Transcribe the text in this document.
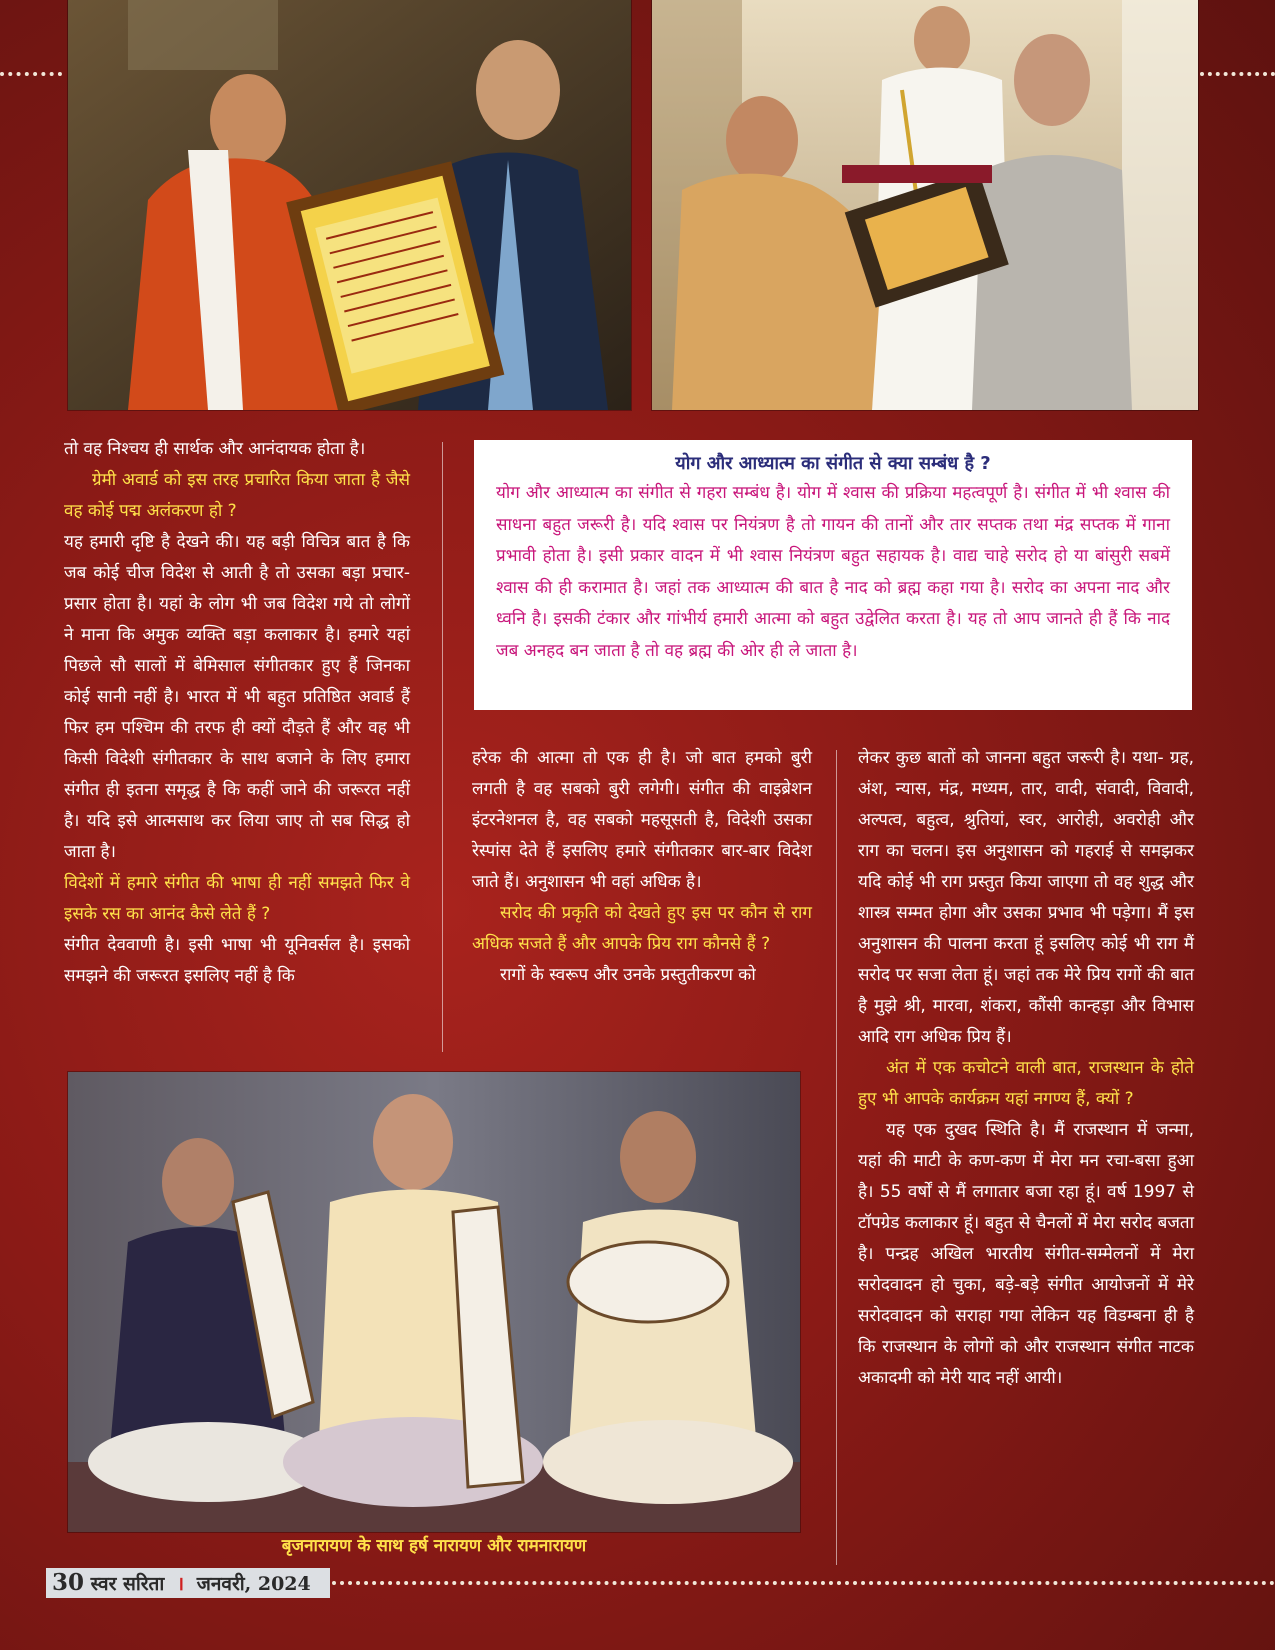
तो वह निश्चय ही सार्थक और आनंदायक होता है।

ग्रेमी अवार्ड को इस तरह प्रचारित किया जाता है जैसे वह कोई पद्म अलंकरण हो ?

यह हमारी दृष्टि है देखने की। यह बड़ी विचित्र बात है कि जब कोई चीज विदेश से आती है तो उसका बड़ा प्रचार-प्रसार होता है। यहां के लोग भी जब विदेश गये तो लोगों ने माना कि अमुक व्यक्ति बड़ा कलाकार है। हमारे यहां पिछले सौ सालों में बेमिसाल संगीतकार हुए हैं जिनका कोई सानी नहीं है। भारत में भी बहुत प्रतिष्ठित अवार्ड हैं फिर हम पश्चिम की तरफ ही क्यों दौड़ते हैं और वह भी किसी विदेशी संगीतकार के साथ बजाने के लिए हमारा संगीत ही इतना समृद्ध है कि कहीं जाने की जरूरत नहीं है। यदि इसे आत्मसाथ कर लिया जाए तो सब सिद्ध हो जाता है।

विदेशों में हमारे संगीत की भाषा ही नहीं समझते फिर वे इसके रस का आनंद कैसे लेते हैं ?

संगीत देववाणी है। इसी भाषा भी यूनिवर्सल है। इसको समझने की जरूरत इसलिए नहीं है कि

योग और आध्यात्म का संगीत से क्या सम्बंध है ?

योग और आध्यात्म का संगीत से गहरा सम्बंध है। योग में श्वास की प्रक्रिया महत्वपूर्ण है। संगीत में भी श्वास की साधना बहुत जरूरी है। यदि श्वास पर नियंत्रण है तो गायन की तानों और तार सप्तक तथा मंद्र सप्तक में गाना प्रभावी होता है। इसी प्रकार वादन में भी श्वास नियंत्रण बहुत सहायक है। वाद्य चाहे सरोद हो या बांसुरी सबमें श्वास की ही करामात है। जहां तक आध्यात्म की बात है नाद को ब्रह्म कहा गया है। सरोद का अपना नाद और ध्वनि है। इसकी टंकार और गांभीर्य हमारी आत्मा को बहुत उद्वेलित करता है। यह तो आप जानते ही हैं कि नाद जब अनहद बन जाता है तो वह ब्रह्म की ओर ही ले जाता है।

हरेक की आत्मा तो एक ही है। जो बात हमको बुरी लगती है वह सबको बुरी लगेगी। संगीत की वाइब्रेशन इंटरनेशनल है, वह सबको महसूसती है, विदेशी उसका रेस्पांस देते हैं इसलिए हमारे संगीतकार बार-बार विदेश जाते हैं। अनुशासन भी वहां अधिक है।

सरोद की प्रकृति को देखते हुए इस पर कौन से राग अधिक सजते हैं और आपके प्रिय राग कौनसे हैं ?

रागों के स्वरूप और उनके प्रस्तुतीकरण को

लेकर कुछ बातों को जानना बहुत जरूरी है। यथा- ग्रह, अंश, न्यास, मंद्र, मध्यम, तार, वादी, संवादी, विवादी, अल्पत्व, बहुत्व, श्रुतियां, स्वर, आरोही, अवरोही और राग का चलन। इस अनुशासन को गहराई से समझकर यदि कोई भी राग प्रस्तुत किया जाएगा तो वह शुद्ध और शास्त्र सम्मत होगा और उसका प्रभाव भी पड़ेगा। मैं इस अनुशासन की पालना करता हूं इसलिए कोई भी राग मैं सरोद पर सजा लेता हूं। जहां तक मेरे प्रिय रागों की बात है मुझे श्री, मारवा, शंकरा, कौंसी कान्हड़ा और विभास आदि राग अधिक प्रिय हैं।

अंत में एक कचोटने वाली बात, राजस्थान के होते हुए भी आपके कार्यक्रम यहां नगण्य हैं, क्यों ?

यह एक दुखद स्थिति है। मैं राजस्थान में जन्मा, यहां की माटी के कण-कण में मेरा मन रचा-बसा हुआ है। 55 वर्षों से मैं लगातार बजा रहा हूं। वर्ष 1997 से टॉपग्रेड कलाकार हूं। बहुत से चैनलों में मेरा सरोद बजता है। पन्द्रह अखिल भारतीय संगीत-सम्मेलनों में मेरा सरोदवादन हो चुका, बड़े-बड़े संगीत आयोजनों में मेरे सरोदवादन को सराहा गया लेकिन यह विडम्बना ही है कि राजस्थान के लोगों को और राजस्थान संगीत नाटक अकादमी को मेरी याद नहीं आयी।

बृजनारायण के साथ हर्ष नारायण और रामनारायण
30 स्वर सरिता । जनवरी, 2024
